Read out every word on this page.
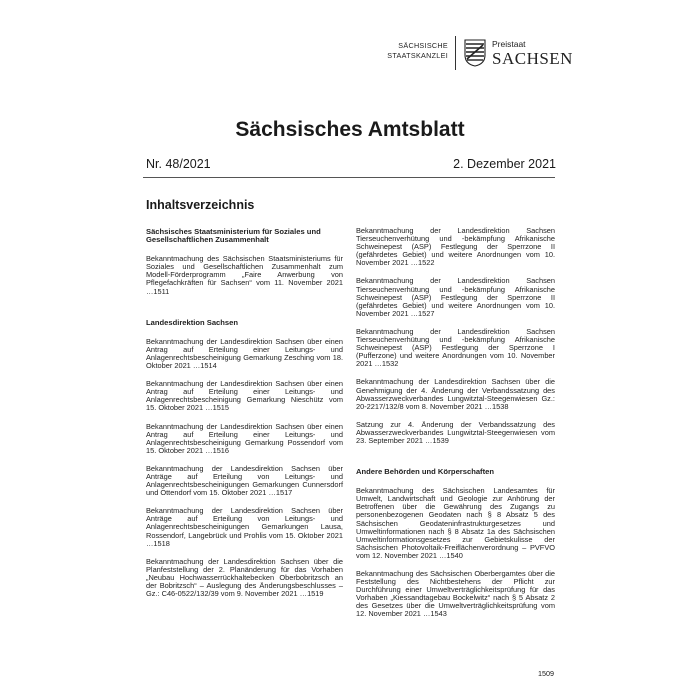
SÄCHSISCHE
STAATSKANZLEI
Preistaat
SACHSEN
Sächsisches Amtsblatt
Nr. 48/2021	2. Dezember 2021
Inhaltsverzeichnis
Sächsisches Staatsministerium für Soziales und Gesellschaftlichen Zusammenhalt
Bekanntmachung des Sächsischen Staatsministeriums für Soziales und Gesellschaftlichen Zusammenhalt zum Modell-Förderprogramm „Faire Anwerbung von Pflegefachkräften für Sachsen“ vom 11. November 2021 …1511
Landesdirektion Sachsen
Bekanntmachung der Landesdirektion Sachsen über einen Antrag auf Erteilung einer Leitungs- und Anlagenrechtsbescheinigung Gemarkung Zesching vom 18. Oktober 2021 …1514
Bekanntmachung der Landesdirektion Sachsen über einen Antrag auf Erteilung einer Leitungs- und Anlagenrechtsbescheinigung Gemarkung Nieschütz vom 15. Oktober 2021 …1515
Bekanntmachung der Landesdirektion Sachsen über einen Antrag auf Erteilung einer Leitungs- und Anlagenrechtsbescheinigung Gemarkung Possendorf vom 15. Oktober 2021 …1516
Bekanntmachung der Landesdirektion Sachsen über Anträge auf Erteilung von Leitungs- und Anlagenrechtsbescheinigungen Gemarkungen Cunnersdorf und Ottendorf vom 15. Oktober 2021 …1517
Bekanntmachung der Landesdirektion Sachsen über Anträge auf Erteilung von Leitungs- und Anlagenrechtsbescheinigungen Gemarkungen Lausa, Rossendorf, Langebrück und Prohlis vom 15. Oktober 2021 …1518
Bekanntmachung der Landesdirektion Sachsen über die Planfeststellung der 2. Planänderung für das Vorhaben „Neubau Hochwasserrückhaltebecken Oberbobritzsch an der Bobritzsch“ – Auslegung des Änderungsbeschlusses – Gz.: C46-0522/132/39 vom 9. November 2021 …1519
Bekanntmachung der Landesdirektion Sachsen Tierseuchenverhütung und -bekämpfung Afrikanische Schweinepest (ASP) Festlegung der Sperrzone II (gefährdetes Gebiet) und weitere Anordnungen vom 10. November 2021 …1522
Bekanntmachung der Landesdirektion Sachsen Tierseuchenverhütung und -bekämpfung Afrikanische Schweinepest (ASP) Festlegung der Sperrzone II (gefährdetes Gebiet) und weitere Anordnungen vom 10. November 2021 …1527
Bekanntmachung der Landesdirektion Sachsen Tierseuchenverhütung und -bekämpfung Afrikanische Schweinepest (ASP) Festlegung der Sperrzone I (Pufferzone) und weitere Anordnungen vom 10. November 2021 …1532
Bekanntmachung der Landesdirektion Sachsen über die Genehmigung der 4. Änderung der Verbandssatzung des Abwasserzweckverbandes Lungwitztal-Steegenwiesen Gz.: 20-2217/132/8 vom 8. November 2021 …1538
Satzung zur 4. Änderung der Verbandssatzung des Abwasserzweckverbandes Lungwitztal-Steegenwiesen vom 23. September 2021 …1539
Andere Behörden und Körperschaften
Bekanntmachung des Sächsischen Landesamtes für Umwelt, Landwirtschaft und Geologie zur Anhörung der Betroffenen über die Gewährung des Zugangs zu personenbezogenen Geodaten nach § 8 Absatz 5 des Sächsischen Geodateninfrastrukturgesetzes und Umweltinformationen nach § 8 Absatz 1a des Sächsischen Umweltinformationsgesetzes zur Gebietskulisse der Sächsischen Photovoltaik-Freiflächenverordnung – PVFVO vom 12. November 2021 …1540
Bekanntmachung des Sächsischen Oberbergamtes über die Feststellung des Nichtbestehens der Pflicht zur Durchführung einer Umweltverträglichkeitsprüfung für das Vorhaben „Kiessandtagebau Bockelwitz“ nach § 5 Absatz 2 des Gesetzes über die Umweltverträglichkeitsprüfung vom 12. November 2021 …1543
1509
